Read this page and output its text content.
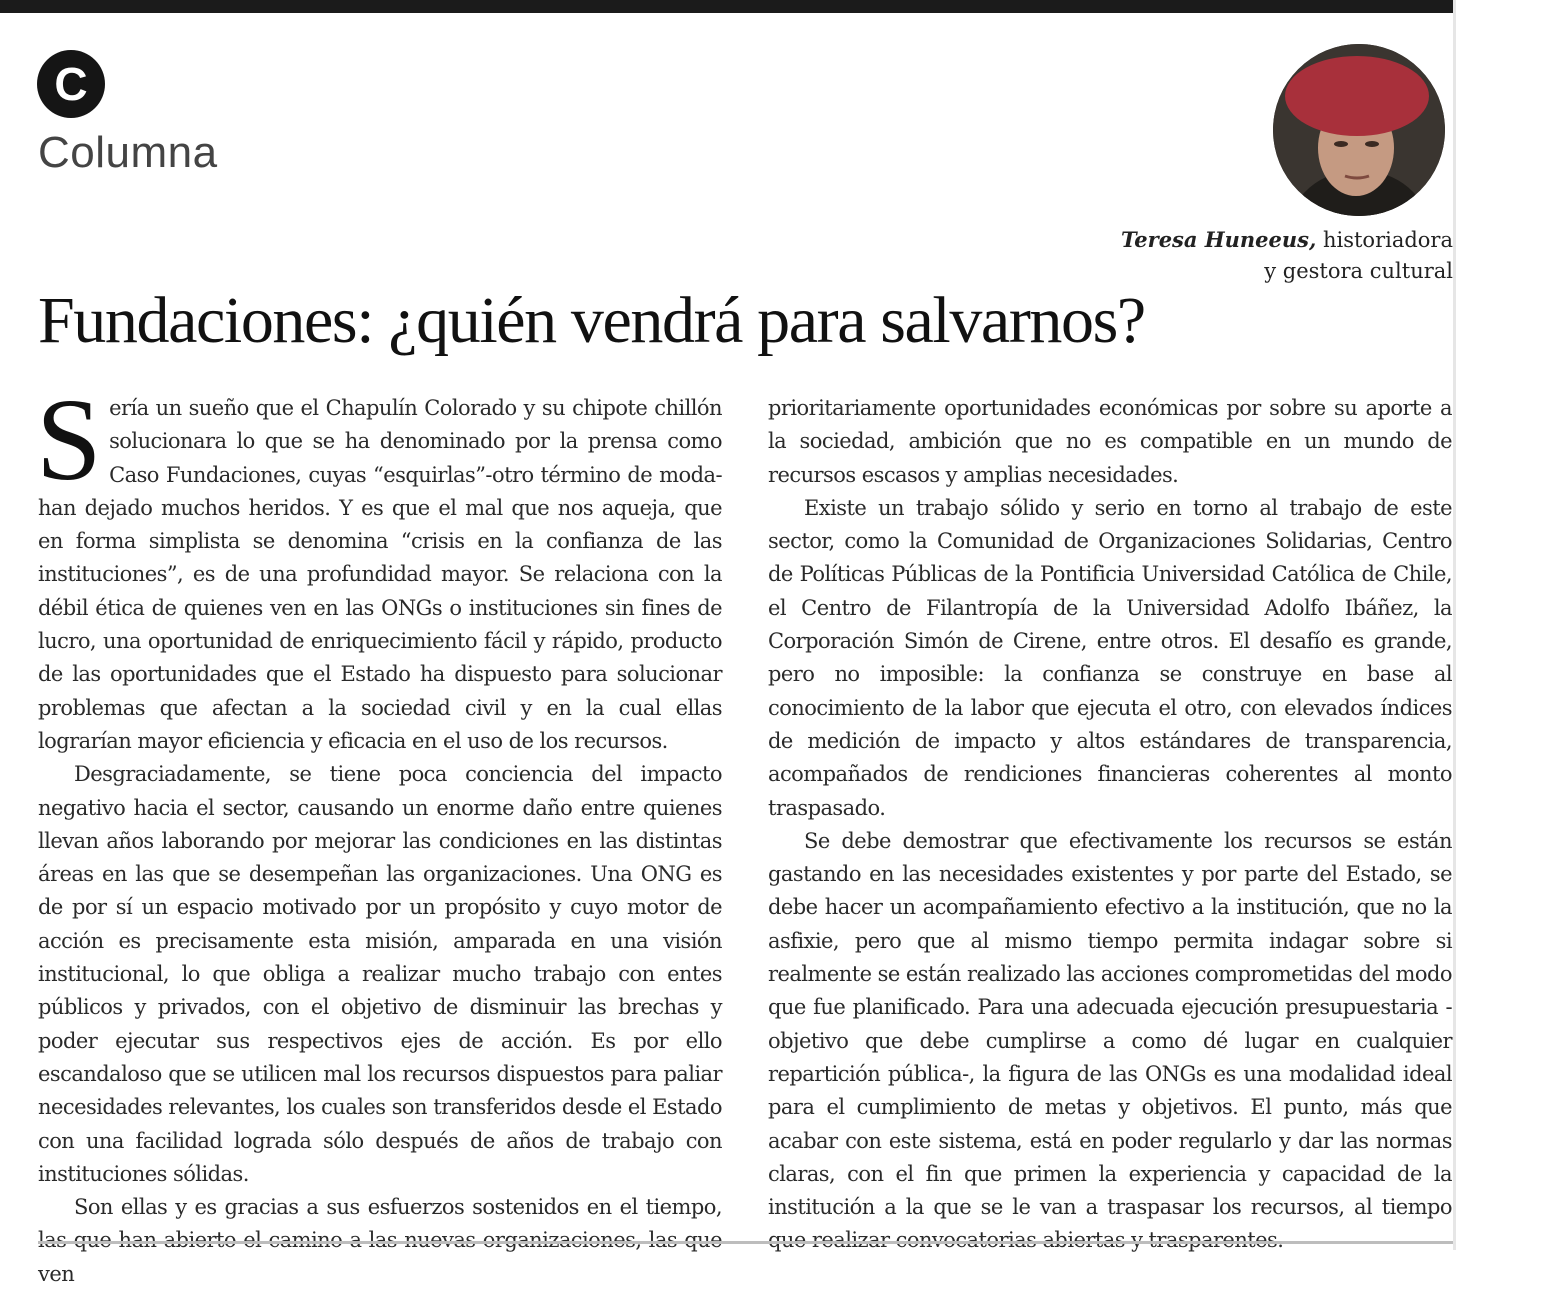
C
Columna
Teresa Huneeus, historiadora
y gestora cultural
Fundaciones: ¿quién vendrá para salvarnos?

Sería un sueño que el Chapulín Colorado y su chipote chillón solucionara lo que se ha denominado por la prensa como Caso Fundaciones, cuyas “esquirlas”-otro término de moda- han dejado muchos heridos. Y es que el mal que nos aqueja, que en forma simplista se denomina “crisis en la confianza de las instituciones”, es de una profundidad mayor. Se relaciona con la débil ética de quienes ven en las ONGs o instituciones sin fines de lucro, una oportunidad de enriquecimiento fácil y rápido, producto de las oportunidades que el Estado ha dispuesto para solucionar problemas que afectan a la sociedad civil y en la cual ellas lograrían mayor eficiencia y eficacia en el uso de los recursos.

Desgraciadamente, se tiene poca conciencia del impacto negativo hacia el sector, causando un enorme daño entre quienes llevan años laborando por mejorar las condiciones en las distintas áreas en las que se desempeñan las organizaciones. Una ONG es de por sí un espacio motivado por un propósito y cuyo motor de acción es precisamente esta misión, amparada en una visión institucional, lo que obliga a realizar mucho trabajo con entes públicos y privados, con el objetivo de disminuir las brechas y poder ejecutar sus respectivos ejes de acción. Es por ello escandaloso que se utilicen mal los recursos dispuestos para paliar necesidades relevantes, los cuales son transferidos desde el Estado con una facilidad lograda sólo después de años de trabajo con instituciones sólidas.

Son ellas y es gracias a sus esfuerzos sostenidos en el tiempo, ven

prioritariamente oportunidades económicas por sobre su aporte a la sociedad, ambición que no es compatible en un mundo de recursos escasos y amplias necesidades.

Existe un trabajo sólido y serio en torno al trabajo de este sector, como la Comunidad de Organizaciones Solidarias, Centro de Políticas Públicas de la Pontificia Universidad Católica de Chile, el Centro de Filantropía de la Universidad Adolfo Ibáñez, la Corporación Simón de Cirene, entre otros. El desafío es grande, pero no imposible: la confianza se construye en base al conocimiento de la labor que ejecuta el otro, con elevados índices de medición de impacto y altos estándares de transparencia, acompañados de rendiciones financieras coherentes al monto traspasado.

Se debe demostrar que efectivamente los recursos se están gastando en las necesidades existentes y por parte del Estado, se debe hacer un acompañamiento efectivo a la institución, que no la asfixie, pero que al mismo tiempo permita indagar sobre si realmente se están realizado las acciones comprometidas del modo que fue planificado. Para una adecuada ejecución presupuestaria -objetivo que debe cumplirse a como dé lugar en cualquier repartición pública-, la figura de las ONGs es una modalidad ideal para el cumplimiento de metas y objetivos. El punto, más que acabar con este sistema, está en poder regularlo y dar las normas claras, con el fin que primen la experiencia y capacidad de la institución a la que se le van a traspasar los recursos, al tiempo
